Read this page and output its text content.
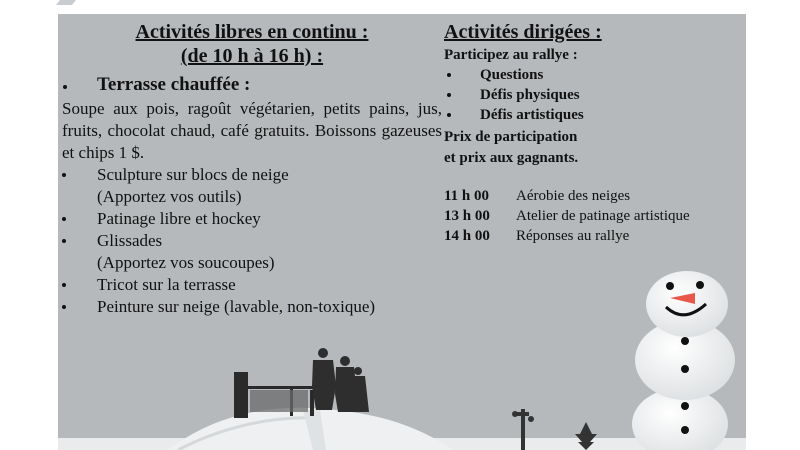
Activités libres en continu :

(de 10 h à 16 h) :

Terrasse chauffée :
Soupe aux pois, ragoût végétarien, petits pains, jus, fruits, chocolat chaud, café gratuits. Boissons gazeuses et chips 1 $.
Sculpture sur blocs de neige
(Apportez vos outils)
Patinage libre et hockey
Glissades
(Apportez vos soucoupes)
Tricot sur la terrasse
Peinture sur neige (lavable, non-toxique)

Activités dirigées :

Participez au rallye :
Questions
Défis physiques
Défis artistiques
Prix de participation
et prix aux gagnants.
11 h 00	Aérobie des neiges
13 h 00	Atelier de patinage artistique
14 h 00	Réponses au rallye
